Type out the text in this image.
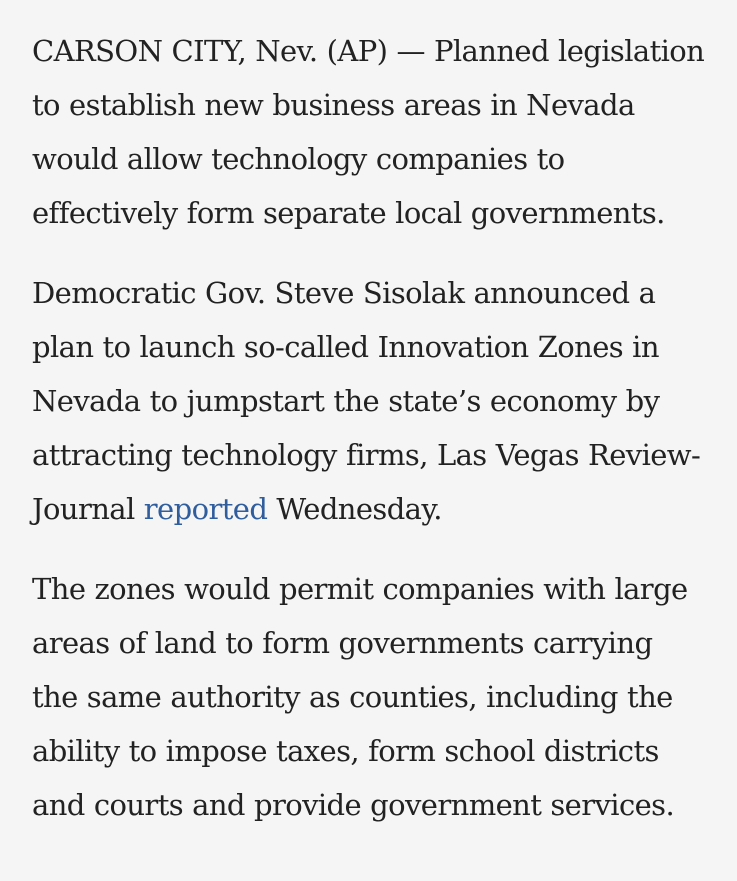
CARSON CITY, Nev. (AP) — Planned legislation to establish new business areas in Nevada would allow technology companies to effectively form separate local governments.

Democratic Gov. Steve Sisolak announced a plan to launch so-called Innovation Zones in Nevada to jumpstart the state’s economy by attracting technology firms, Las Vegas Review-Journal reported Wednesday.

The zones would permit companies with large areas of land to form governments carrying the same authority as counties, including the ability to impose taxes, form school districts and courts and provide government services.
